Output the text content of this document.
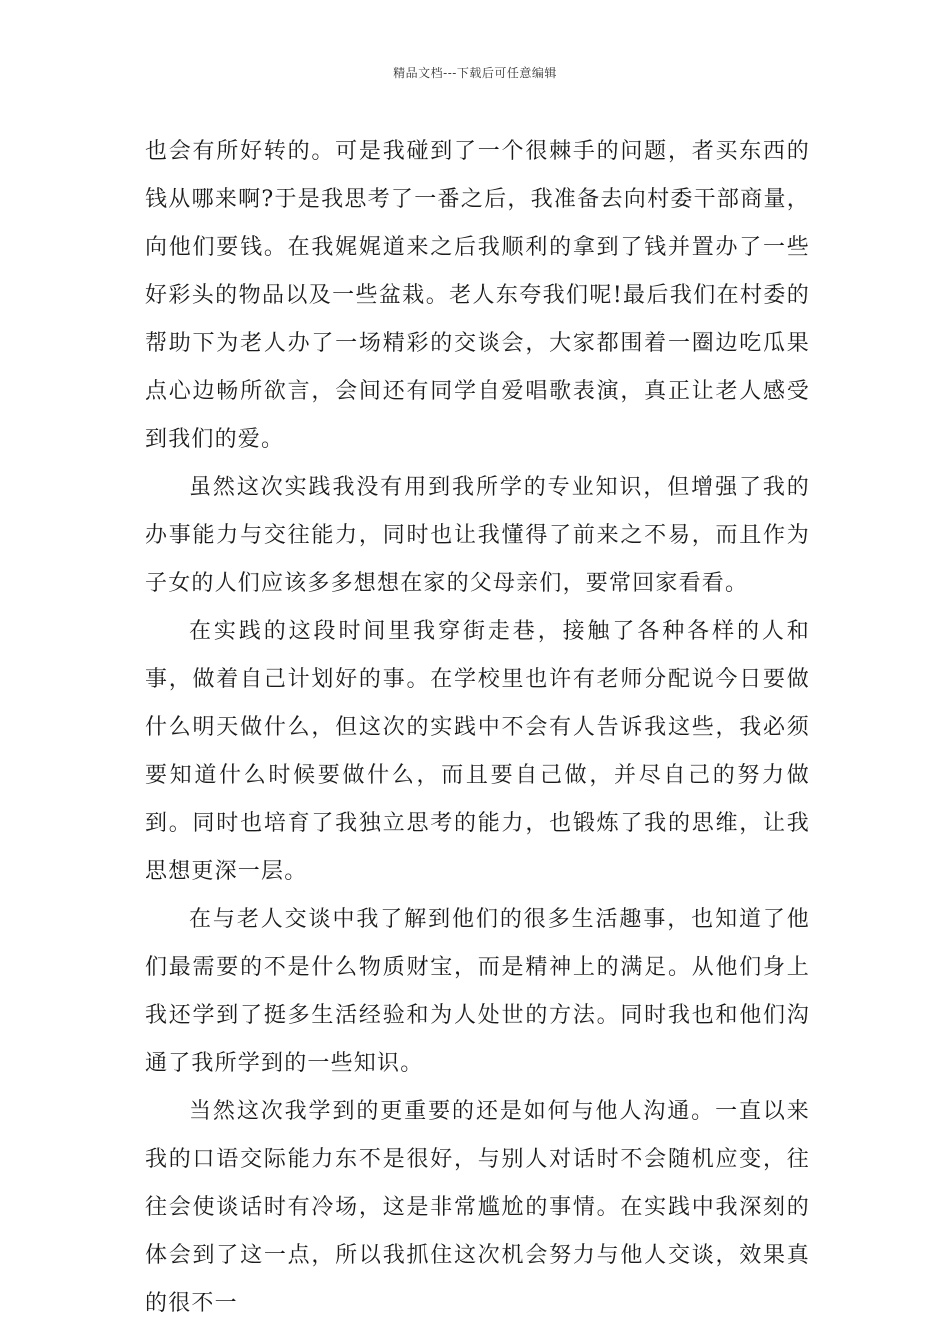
精品文档---下载后可任意编辑

也会有所好转的。可是我碰到了一个很棘手的问题，者买东西的钱从哪来啊?于是我思考了一番之后，我准备去向村委干部商量，向他们要钱。在我娓娓道来之后我顺利的拿到了钱并置办了一些好彩头的物品以及一些盆栽。老人东夸我们呢!最后我们在村委的帮助下为老人办了一场精彩的交谈会，大家都围着一圈边吃瓜果点心边畅所欲言，会间还有同学自爱唱歌表演，真正让老人感受到我们的爱。

虽然这次实践我没有用到我所学的专业知识，但增强了我的办事能力与交往能力，同时也让我懂得了前来之不易，而且作为子女的人们应该多多想想在家的父母亲们，要常回家看看。

在实践的这段时间里我穿街走巷，接触了各种各样的人和事，做着自己计划好的事。在学校里也许有老师分配说今日要做什么明天做什么，但这次的实践中不会有人告诉我这些，我必须要知道什么时候要做什么，而且要自己做，并尽自己的努力做到。同时也培育了我独立思考的能力，也锻炼了我的思维，让我思想更深一层。

在与老人交谈中我了解到他们的很多生活趣事，也知道了他们最需要的不是什么物质财宝，而是精神上的满足。从他们身上我还学到了挺多生活经验和为人处世的方法。同时我也和他们沟通了我所学到的一些知识。

当然这次我学到的更重要的还是如何与他人沟通。一直以来我的口语交际能力东不是很好，与别人对话时不会随机应变，往往会使谈话时有冷场，这是非常尴尬的事情。在实践中我深刻的体会到了这一点，所以我抓住这次机会努力与他人交谈，效果真的很不一
